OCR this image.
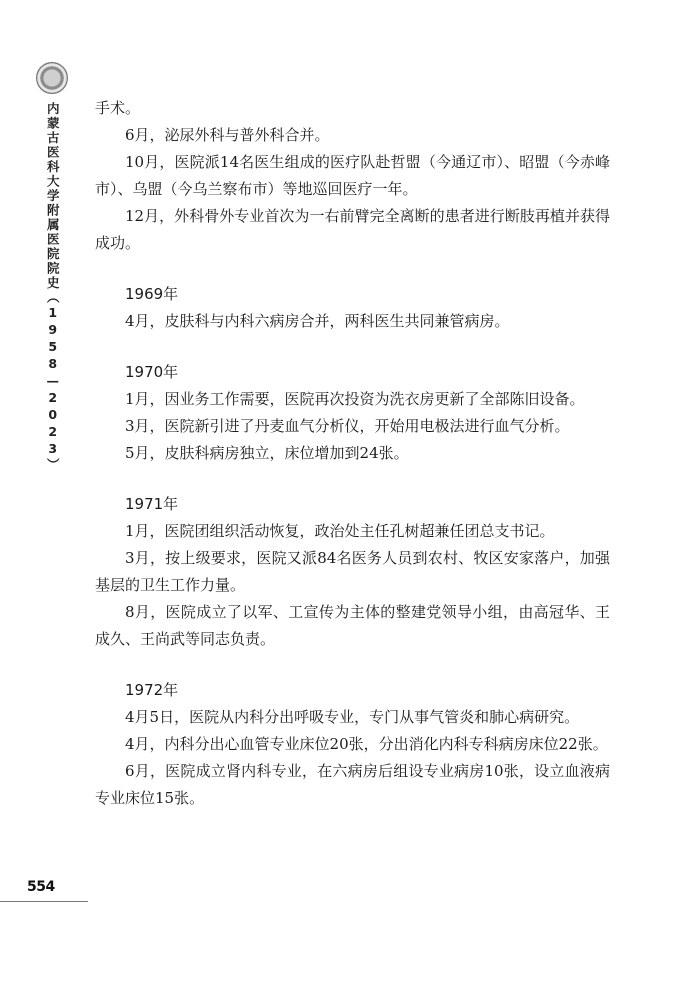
内蒙古医科大学附属医院院史（1958—2023） 手术。

6月，泌尿外科与普外科合并。

10月，医院派14名医生组成的医疗队赴哲盟（今通辽市）、昭盟（今赤峰市）、乌盟（今乌兰察布市）等地巡回医疗一年。

12月，外科骨外专业首次为一右前臂完全离断的患者进行断肢再植并获得成功。

1969年

4月，皮肤科与内科六病房合并，两科医生共同兼管病房。

1970年

1月，因业务工作需要，医院再次投资为洗衣房更新了全部陈旧设备。

3月，医院新引进了丹麦血气分析仪，开始用电极法进行血气分析。

5月，皮肤科病房独立，床位增加到24张。

1971年

1月，医院团组织活动恢复，政治处主任孔树超兼任团总支书记。

3月，按上级要求，医院又派84名医务人员到农村、牧区安家落户，加强基层的卫生工作力量。

8月，医院成立了以军、工宣传为主体的整建党领导小组，由高冠华、王成久、王尚武等同志负责。

1972年

4月5日，医院从内科分出呼吸专业，专门从事气管炎和肺心病研究。

4月，内科分出心血管专业床位20张，分出消化内科专科病房床位22张。

6月，医院成立肾内科专业，在六病房后组设专业病房10张，设立血液病专业床位15张。

554
